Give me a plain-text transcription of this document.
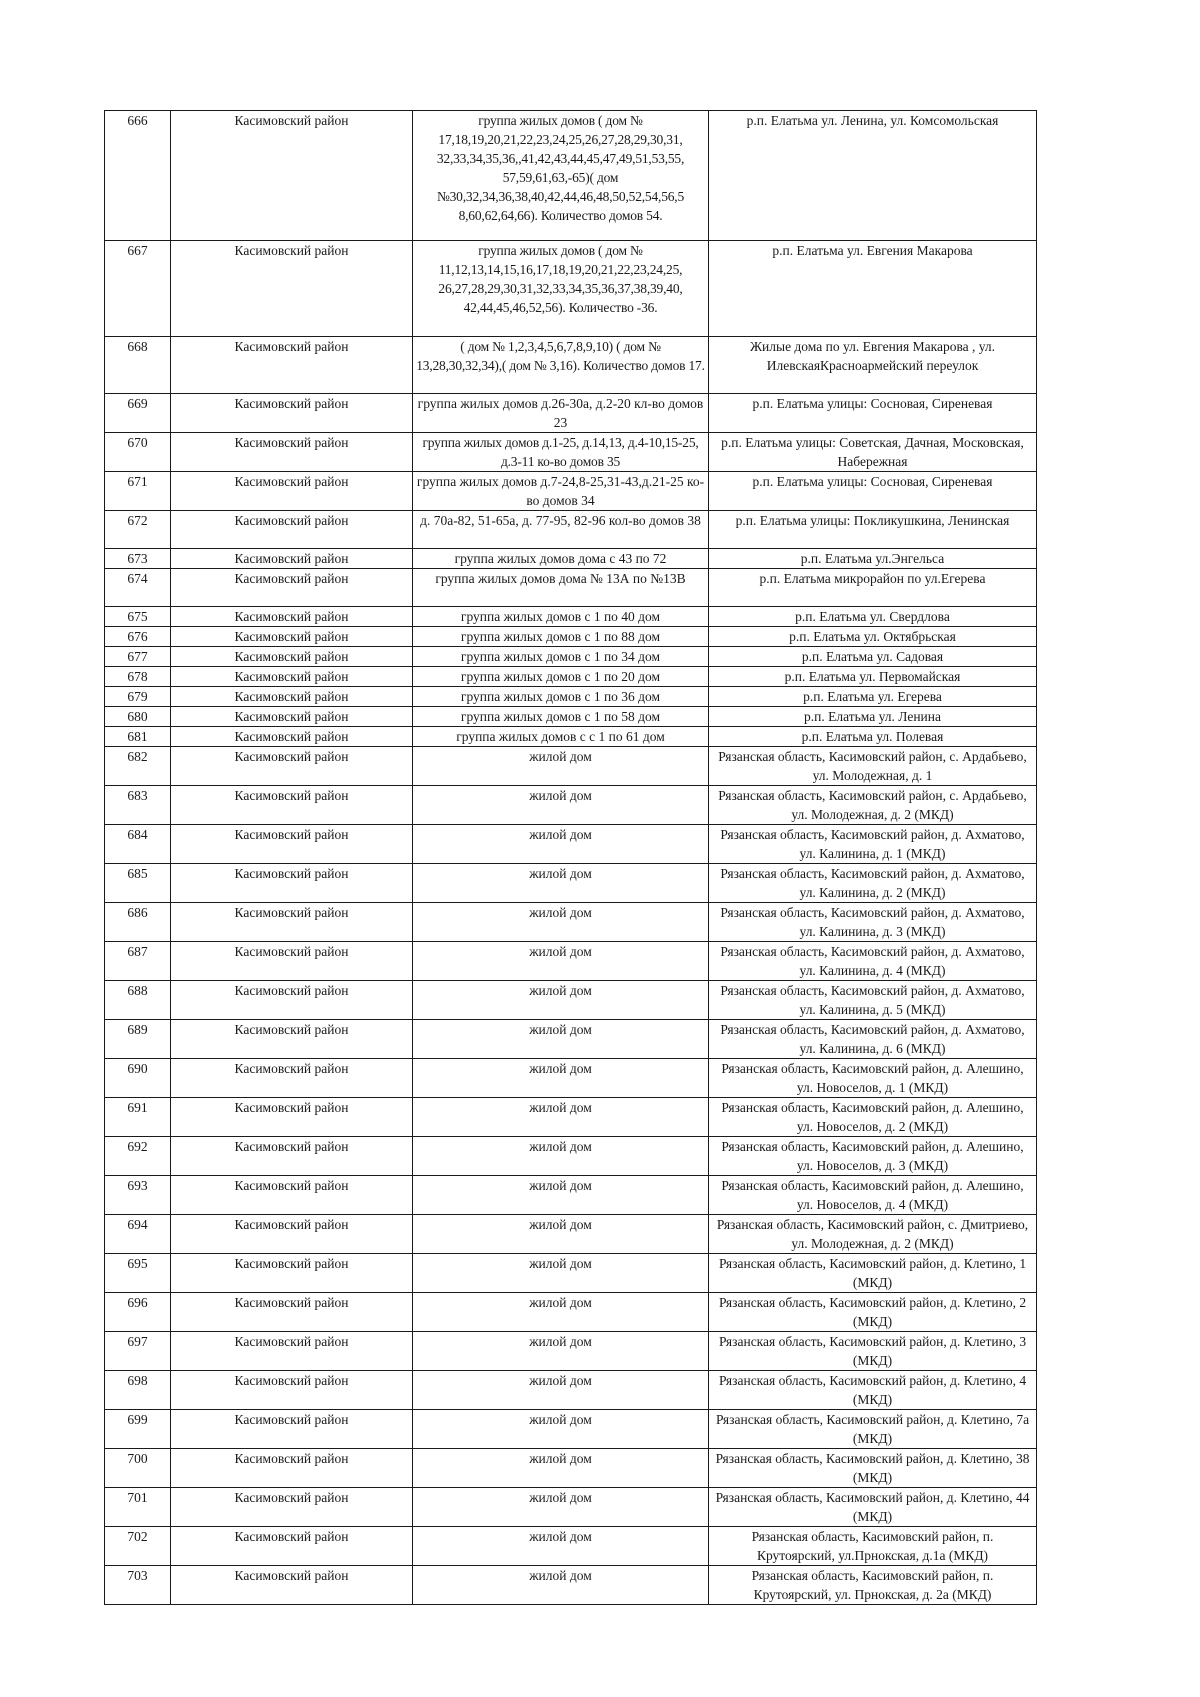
666	Касимовский район	группа жилых домов ( дом № 17,18,19,20,21,22,23,24,25,26,27,28,29,30,31, 32,33,34,35,36,,41,42,43,44,45,47,49,51,53,55, 57,59,61,63,-65)( дом №30,32,34,36,38,40,42,44,46,48,50,52,54,56,5 8,60,62,64,66). Количество домов 54.	р.п. Елатьма ул. Ленина, ул. Комсомольская
667	Касимовский район	группа жилых домов ( дом № 11,12,13,14,15,16,17,18,19,20,21,22,23,24,25, 26,27,28,29,30,31,32,33,34,35,36,37,38,39,40, 42,44,45,46,52,56). Количество -36.	р.п. Елатьма ул. Евгения Макарова
668	Касимовский район	( дом № 1,2,3,4,5,6,7,8,9,10) ( дом № 13,28,30,32,34),( дом № 3,16). Количество домов 17.	Жилые дома по ул. Евгения Макарова , ул. ИлевскаяКрасноармейский переулок
669	Касимовский район	группа жилых домов д.26-30а, д.2-20 кл-во домов 23	р.п. Елатьма улицы: Сосновая, Сиреневая
670	Касимовский район	группа жилых домов д.1-25, д.14,13, д.4-10,15-25, д.3-11 ко-во домов 35	р.п. Елатьма улицы: Советская, Дачная, Московская, Набережная
671	Касимовский район	группа жилых домов д.7-24,8-25,31-43,д.21-25 ко-во домов 34	р.п. Елатьма улицы: Сосновая, Сиреневая
672	Касимовский район	д. 70а-82, 51-65а, д. 77-95, 82-96 кол-во домов 38	р.п. Елатьма улицы: Покликушкина, Ленинская
673	Касимовский район	группа жилых домов дома с 43 по 72	р.п. Елатьма ул.Энгельса
674	Касимовский район	группа жилых домов дома № 13А по №13В	р.п. Елатьма микрорайон по ул.Егерева
675	Касимовский район	группа жилых домов с 1 по 40 дом	р.п. Елатьма ул. Свердлова
676	Касимовский район	группа жилых домов с 1 по 88 дом	р.п. Елатьма ул. Октябрьская
677	Касимовский район	группа жилых домов с 1 по 34 дом	р.п. Елатьма ул. Садовая
678	Касимовский район	группа жилых домов с 1 по 20 дом	р.п. Елатьма ул. Первомайская
679	Касимовский район	группа жилых домов с 1 по 36 дом	р.п. Елатьма ул. Егерева
680	Касимовский район	группа жилых домов с 1 по 58 дом	р.п. Елатьма ул. Ленина
681	Касимовский район	группа жилых домов с с 1 по 61 дом	р.п. Елатьма ул. Полевая
682	Касимовский район	жилой дом	Рязанская область, Касимовский район, с. Ардабьево, ул. Молодежная, д. 1
683	Касимовский район	жилой дом	Рязанская область, Касимовский район, с. Ардабьево, ул. Молодежная, д. 2 (МКД)
684	Касимовский район	жилой дом	Рязанская область, Касимовский район, д. Ахматово, ул. Калинина, д. 1 (МКД)
685	Касимовский район	жилой дом	Рязанская область, Касимовский район, д. Ахматово, ул. Калинина, д. 2 (МКД)
686	Касимовский район	жилой дом	Рязанская область, Касимовский район, д. Ахматово, ул. Калинина, д. 3 (МКД)
687	Касимовский район	жилой дом	Рязанская область, Касимовский район, д. Ахматово, ул. Калинина, д. 4 (МКД)
688	Касимовский район	жилой дом	Рязанская область, Касимовский район, д. Ахматово, ул. Калинина, д. 5 (МКД)
689	Касимовский район	жилой дом	Рязанская область, Касимовский район, д. Ахматово, ул. Калинина, д. 6 (МКД)
690	Касимовский район	жилой дом	Рязанская область, Касимовский район, д. Алешино, ул. Новоселов, д. 1 (МКД)
691	Касимовский район	жилой дом	Рязанская область, Касимовский район, д. Алешино, ул. Новоселов, д. 2 (МКД)
692	Касимовский район	жилой дом	Рязанская область, Касимовский район, д. Алешино, ул. Новоселов, д. 3 (МКД)
693	Касимовский район	жилой дом	Рязанская область, Касимовский район, д. Алешино, ул. Новоселов, д. 4 (МКД)
694	Касимовский район	жилой дом	Рязанская область, Касимовский район, с. Дмитриево, ул. Молодежная, д. 2 (МКД)
695	Касимовский район	жилой дом	Рязанская область, Касимовский район, д. Клетино, 1 (МКД)
696	Касимовский район	жилой дом	Рязанская область, Касимовский район, д. Клетино, 2 (МКД)
697	Касимовский район	жилой дом	Рязанская область, Касимовский район, д. Клетино, 3 (МКД)
698	Касимовский район	жилой дом	Рязанская область, Касимовский район, д. Клетино, 4 (МКД)
699	Касимовский район	жилой дом	Рязанская область, Касимовский район, д. Клетино, 7а (МКД)
700	Касимовский район	жилой дом	Рязанская область, Касимовский район, д. Клетино, 38 (МКД)
701	Касимовский район	жилой дом	Рязанская область, Касимовский район, д. Клетино, 44 (МКД)
702	Касимовский район	жилой дом	Рязанская область, Касимовский район, п. Крутоярский, ул.Прнокская, д.1а (МКД)
703	Касимовский район	жилой дом	Рязанская область, Касимовский район, п. Крутоярский, ул. Прнокская, д. 2а (МКД)
